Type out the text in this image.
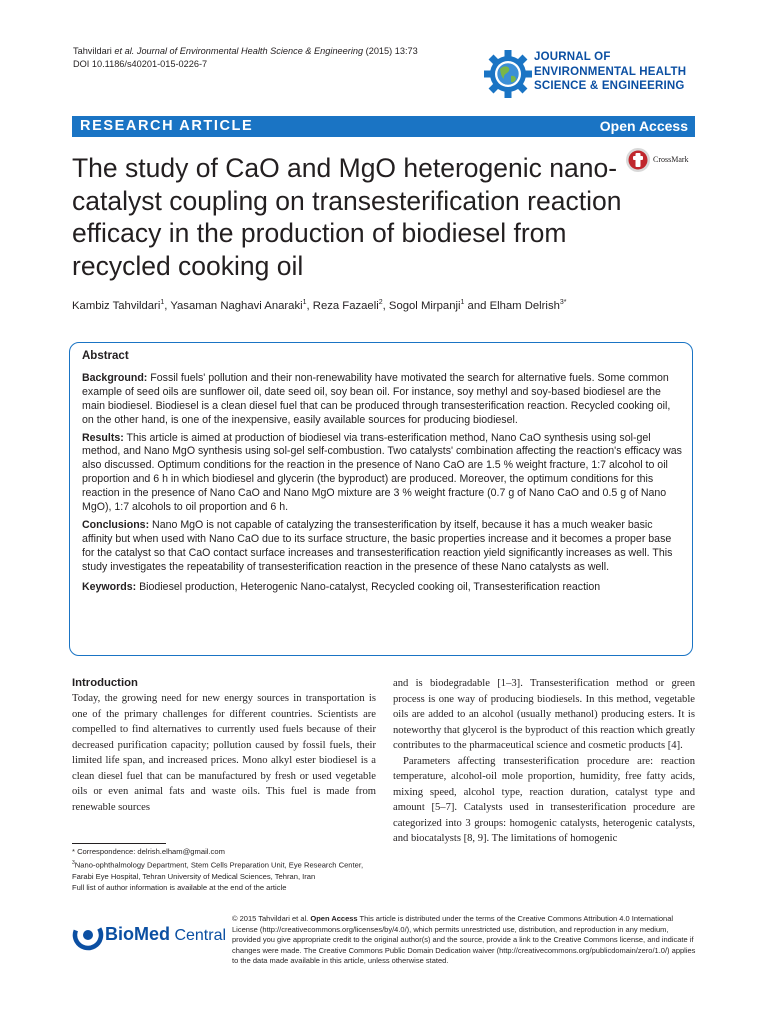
Tahvildari et al. Journal of Environmental Health Science & Engineering (2015) 13:73
DOI 10.1186/s40201-015-0226-7
JOURNAL OF
ENVIRONMENTAL HEALTH
SCIENCE & ENGINEERING
RESEARCH ARTICLE	Open Access
The study of CaO and MgO heterogenic nano-catalyst coupling on transesterification reaction efficacy in the production of biodiesel from recycled cooking oil
CrossMark
Kambiz Tahvildari$^1$, Yasaman Naghavi Anaraki$^1$, Reza Fazaeli$^2$, Sogol Mirpanji$^1$ and Elham Delrish$^{3*}$
Abstract

Background: Fossil fuels' pollution and their non-renewability have motivated the search for alternative fuels. Some common example of seed oils are sunflower oil, date seed oil, soy bean oil. For instance, soy methyl and soy-based biodiesel are the main biodiesel. Biodiesel is a clean diesel fuel that can be produced through transesterification reaction. Recycled cooking oil, on the other hand, is one of the inexpensive, easily available sources for producing biodiesel.

Results: This article is aimed at production of biodiesel via trans-esterification method, Nano CaO synthesis using sol-gel method, and Nano MgO synthesis using sol-gel self-combustion. Two catalysts' combination affecting the reaction's efficacy was also discussed. Optimum conditions for the reaction in the presence of Nano CaO are 1.5 % weight fracture, 1:7 alcohol to oil proportion and 6 h in which biodiesel and glycerin (the byproduct) are produced. Moreover, the optimum conditions for this reaction in the presence of Nano CaO and Nano MgO mixture are 3 % weight fracture (0.7 g of Nano CaO and 0.5 g of Nano MgO), 1:7 alcohols to oil proportion and 6 h.

Conclusions: Nano MgO is not capable of catalyzing the transesterification by itself, because it has a much weaker basic affinity but when used with Nano CaO due to its surface structure, the basic properties increase and it becomes a proper base for the catalyst so that CaO contact surface increases and transesterification reaction yield significantly increases as well. This study investigates the repeatability of transesterification reaction in the presence of these Nano catalysts as well.

Keywords: Biodiesel production, Heterogenic Nano-catalyst, Recycled cooking oil, Transesterification reaction

Introduction

Today, the growing need for new energy sources in transportation is one of the primary challenges for different countries. Scientists are compelled to find alternatives to currently used fuels because of their decreased purification capacity; pollution caused by fossil fuels, their limited life span, and increased prices. Mono alkyl ester biodiesel is a clean diesel fuel that can be manufactured by fresh or used vegetable oils or even animal fats and waste oils. This fuel is made from renewable sources

and is biodegradable [1–3]. Transesterification method or green process is one way of producing biodiesels. In this method, vegetable oils are added to an alcohol (usually methanol) producing esters. It is noteworthy that glycerol is the byproduct of this reaction which greatly contributes to the pharmaceutical science and cosmetic products [4].

Parameters affecting transesterification procedure are: reaction temperature, alcohol-oil mole proportion, humidity, free fatty acids, mixing speed, alcohol type, reaction duration, catalyst type and amount [5–7]. Catalysts used in transesterification procedure are categorized into 3 groups: homogenic catalysts, heterogenic catalysts, and biocatalysts [8, 9]. The limitations of homogenic

* Correspondence: delrish.elham@gmail.com
$^3$Nano-ophthalmology Department, Stem Cells Preparation Unit, Eye Research Center, Farabi Eye Hospital, Tehran University of Medical Sciences, Tehran, Iran
Full list of author information is available at the end of the article
BioMed Central
© 2015 Tahvildari et al. Open Access This article is distributed under the terms of the Creative Commons Attribution 4.0 International License (http://creativecommons.org/licenses/by/4.0/), which permits unrestricted use, distribution, and reproduction in any medium, provided you give appropriate credit to the original author(s) and the source, provide a link to the Creative Commons license, and indicate if changes were made. The Creative Commons Public Domain Dedication waiver (http://creativecommons.org/publicdomain/zero/1.0/) applies to the data made available in this article, unless otherwise stated.
